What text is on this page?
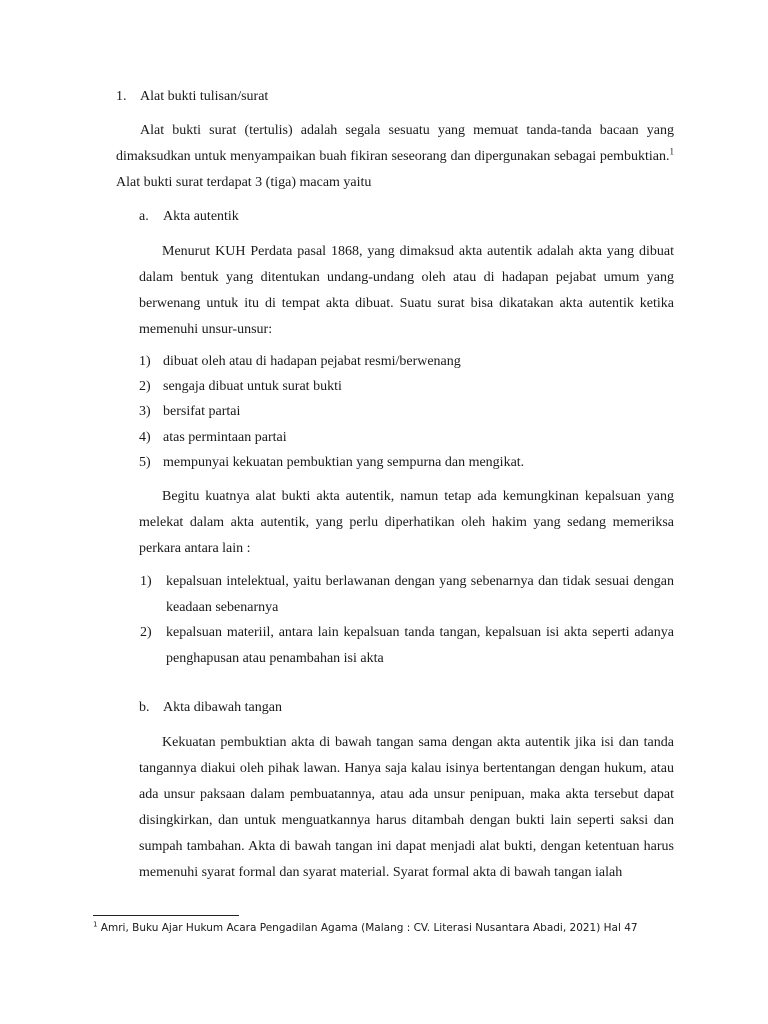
1. Alat bukti tulisan/surat
Alat bukti surat (tertulis) adalah segala sesuatu yang memuat tanda-tanda bacaan yang dimaksudkan untuk menyampaikan buah fikiran seseorang dan dipergunakan sebagai pembuktian.$^1$ Alat bukti surat terdapat 3 (tiga) macam yaitu
a. Akta autentik
Menurut KUH Perdata pasal 1868, yang dimaksud akta autentik adalah akta yang dibuat dalam bentuk yang ditentukan undang-undang oleh atau di hadapan pejabat umum yang berwenang untuk itu di tempat akta dibuat. Suatu surat bisa dikatakan akta autentik ketika memenuhi unsur-unsur:
1) dibuat oleh atau di hadapan pejabat resmi/berwenang
2) sengaja dibuat untuk surat bukti
3) bersifat partai
4) atas permintaan partai
5) mempunyai kekuatan pembuktian yang sempurna dan mengikat.
Begitu kuatnya alat bukti akta autentik, namun tetap ada kemungkinan kepalsuan yang melekat dalam akta autentik, yang perlu diperhatikan oleh hakim yang sedang memeriksa perkara antara lain :
1) kepalsuan intelektual, yaitu berlawanan dengan yang sebenarnya dan tidak sesuai dengan keadaan sebenarnya
2) kepalsuan materiil, antara lain kepalsuan tanda tangan, kepalsuan isi akta seperti adanya penghapusan atau penambahan isi akta
b. Akta dibawah tangan
Kekuatan pembuktian akta di bawah tangan sama dengan akta autentik jika isi dan tanda tangannya diakui oleh pihak lawan. Hanya saja kalau isinya bertentangan dengan hukum, atau ada unsur paksaan dalam pembuatannya, atau ada unsur penipuan, maka akta tersebut dapat disingkirkan, dan untuk menguatkannya harus ditambah dengan bukti lain seperti saksi dan sumpah tambahan. Akta di bawah tangan ini dapat menjadi alat bukti, dengan ketentuan harus memenuhi syarat formal dan syarat material. Syarat formal akta di bawah tangan ialah
$^1$ Amri, Buku Ajar Hukum Acara Pengadilan Agama (Malang : CV. Literasi Nusantara Abadi, 2021) Hal 47
